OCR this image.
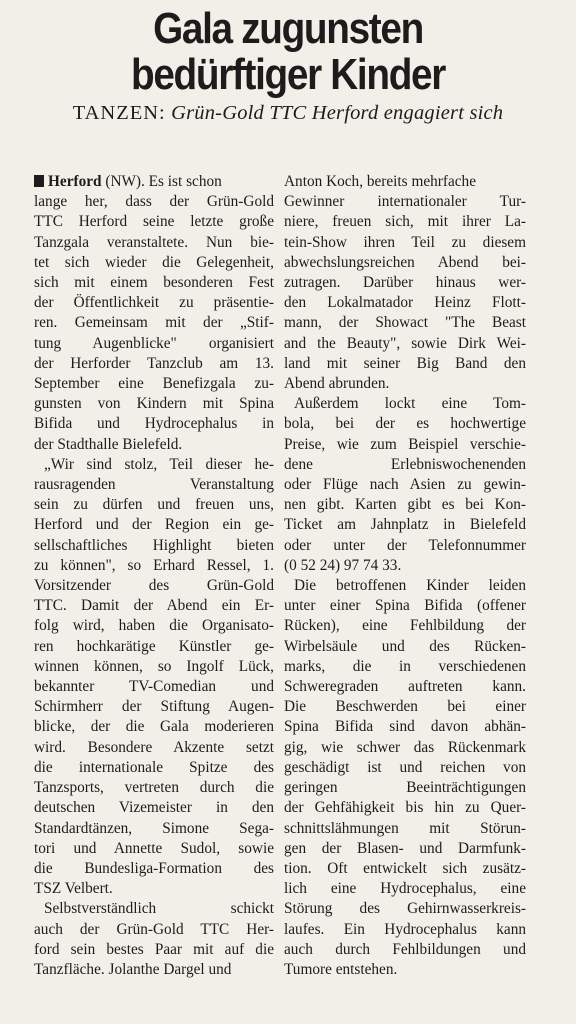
Gala zugunsten
bedürftiger Kinder
TANZEN: Grün-Gold TTC Herford engagiert sich
Herford (NW). Es ist schon
lange her, dass der Grün-Gold
TTC Herford seine letzte große
Tanzgala veranstaltete. Nun bie-
tet sich wieder die Gelegenheit,
sich mit einem besonderen Fest
der Öffentlichkeit zu präsentie-
ren. Gemeinsam mit der „Stif-
tung Augenblicke" organisiert
der Herforder Tanzclub am 13.
September eine Benefizgala zu-
gunsten von Kindern mit Spina
Bifida und Hydrocephalus in
der Stadthalle Bielefeld.
„Wir sind stolz, Teil dieser he-
rausragenden Veranstaltung
sein zu dürfen und freuen uns,
Herford und der Region ein ge-
sellschaftliches Highlight bieten
zu können", so Erhard Ressel, 1.
Vorsitzender des Grün-Gold
TTC. Damit der Abend ein Er-
folg wird, haben die Organisato-
ren hochkarätige Künstler ge-
winnen können, so Ingolf Lück,
bekannter TV-Comedian und
Schirmherr der Stiftung Augen-
blicke, der die Gala moderieren
wird. Besondere Akzente setzt
die internationale Spitze des
Tanzsports, vertreten durch die
deutschen Vizemeister in den
Standardtänzen, Simone Sega-
tori und Annette Sudol, sowie
die Bundesliga-Formation des
TSZ Velbert.
Selbstverständlich schickt
auch der Grün-Gold TTC Her-
ford sein bestes Paar mit auf die
Tanzfläche. Jolanthe Dargel und
Anton Koch, bereits mehrfache
Gewinner internationaler Tur-
niere, freuen sich, mit ihrer La-
tein-Show ihren Teil zu diesem
abwechslungsreichen Abend bei-
zutragen. Darüber hinaus wer-
den Lokalmatador Heinz Flott-
mann, der Showact "The Beast
and the Beauty", sowie Dirk Wei-
land mit seiner Big Band den
Abend abrunden.
Außerdem lockt eine Tom-
bola, bei der es hochwertige
Preise, wie zum Beispiel verschie-
dene Erlebniswochenenden
oder Flüge nach Asien zu gewin-
nen gibt. Karten gibt es bei Kon-
Ticket am Jahnplatz in Bielefeld
oder unter der Telefonnummer
(0 52 24) 97 74 33.
Die betroffenen Kinder leiden
unter einer Spina Bifida (offener
Rücken), eine Fehlbildung der
Wirbelsäule und des Rücken-
marks, die in verschiedenen
Schweregraden auftreten kann.
Die Beschwerden bei einer
Spina Bifida sind davon abhän-
gig, wie schwer das Rückenmark
geschädigt ist und reichen von
geringen Beeinträchtigungen
der Gehfähigkeit bis hin zu Quer-
schnittslähmungen mit Störun-
gen der Blasen- und Darmfunk-
tion. Oft entwickelt sich zusätz-
lich eine Hydrocephalus, eine
Störung des Gehirnwasserkreis-
laufes. Ein Hydrocephalus kann
auch durch Fehlbildungen und
Tumore entstehen.
